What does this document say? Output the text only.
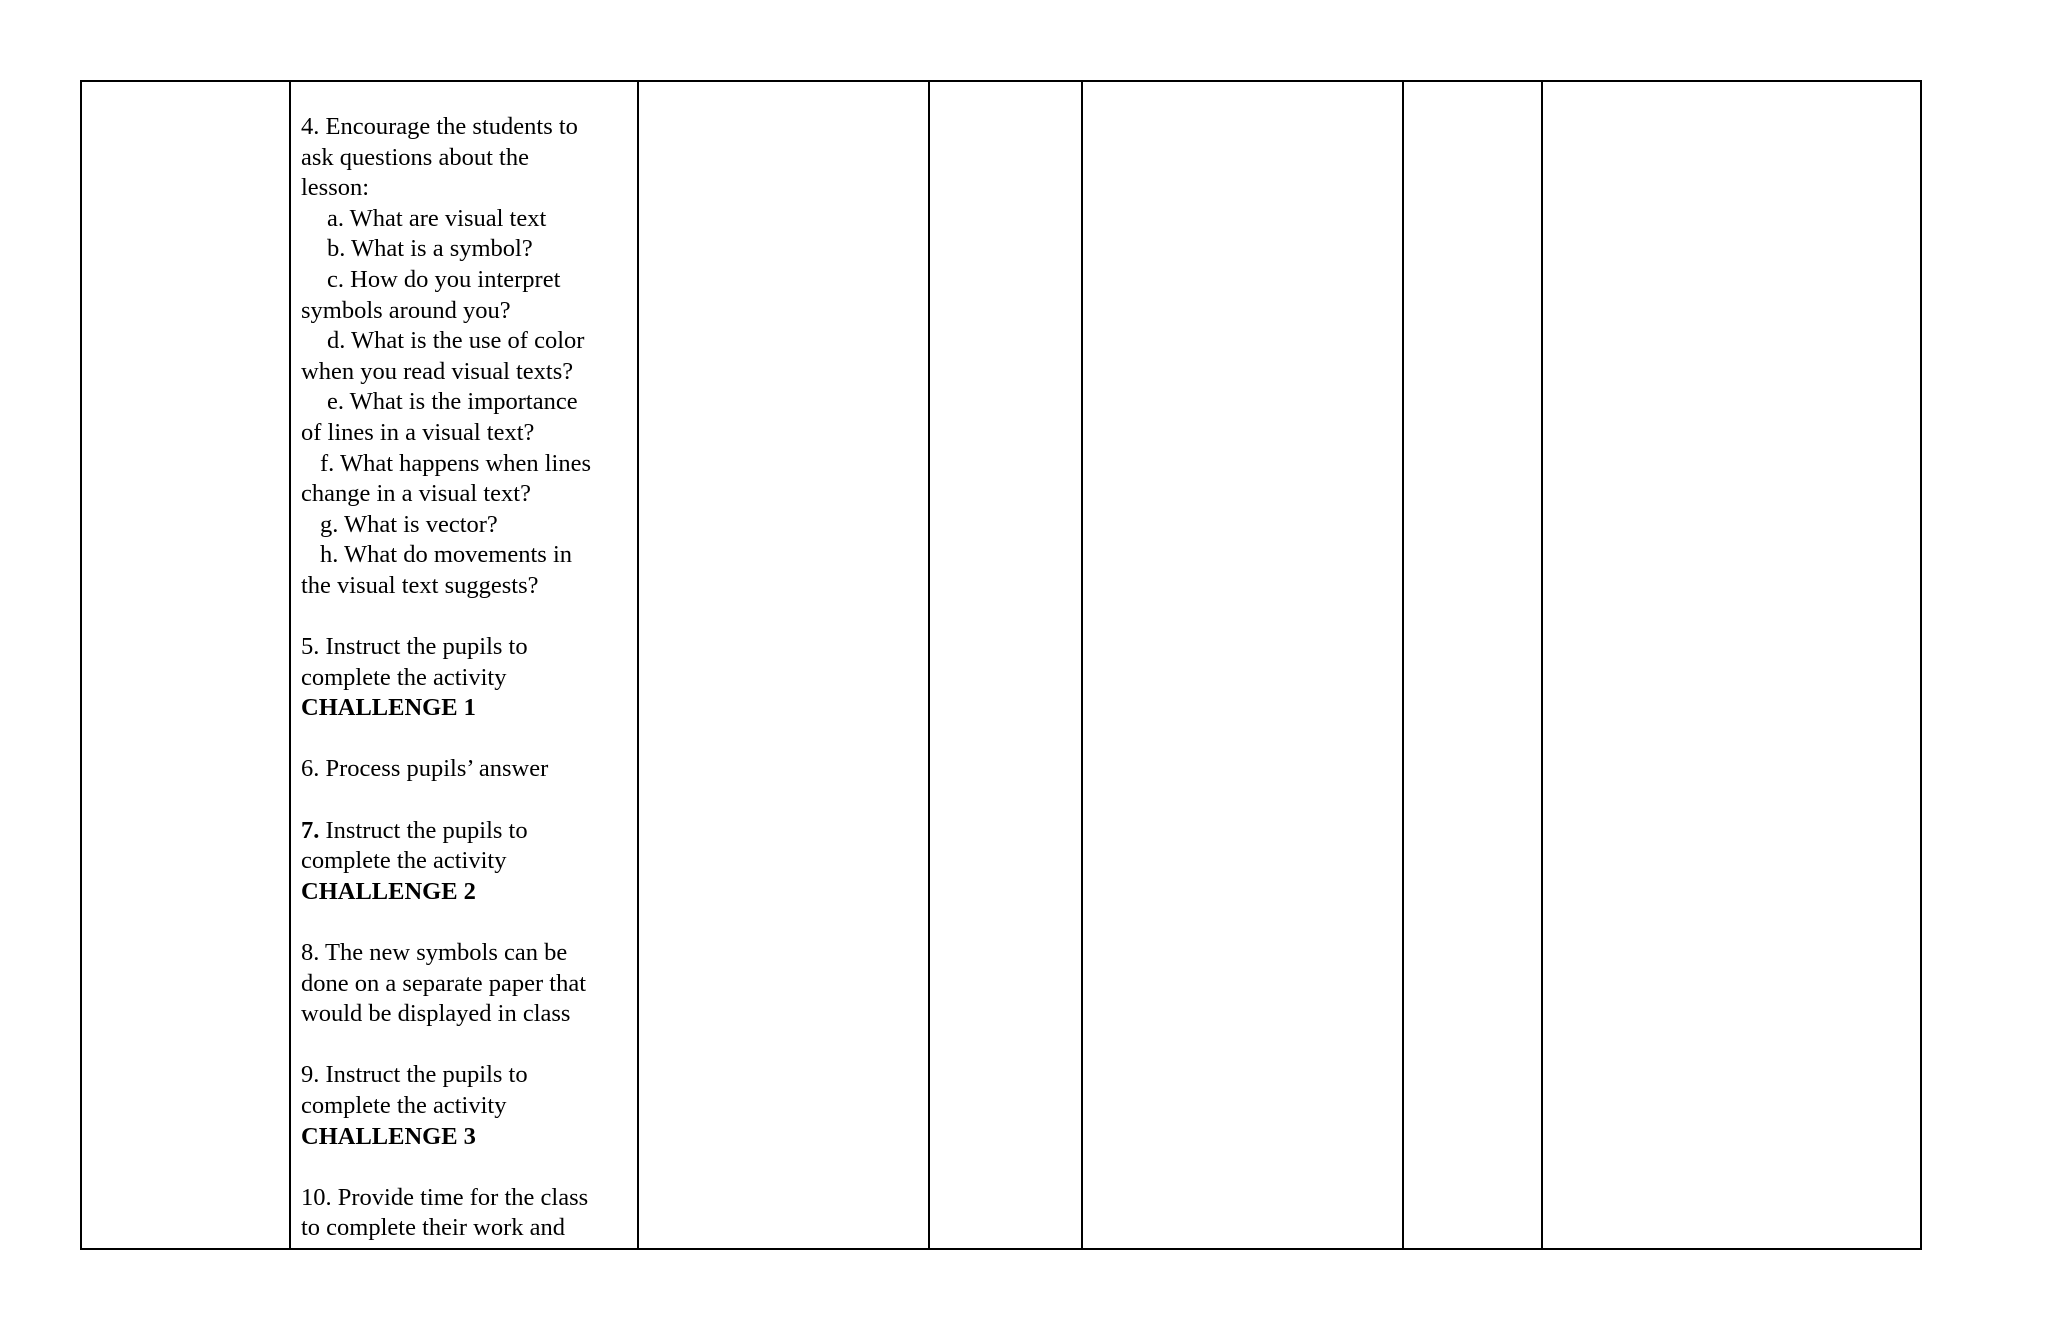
4. Encourage the students to
ask questions about the
lesson:
a. What are visual text
b. What is a symbol?
c. How do you interpret
symbols around you?
d. What is the use of color
when you read visual texts?
e. What is the importance
of lines in a visual text?
f. What happens when lines
change in a visual text?
g. What is vector?
h. What do movements in
the visual text suggests?
5. Instruct the pupils to
complete the activity
CHALLENGE 1
6. Process pupils’ answer
7. Instruct the pupils to
complete the activity
CHALLENGE 2
8. The new symbols can be
done on a separate paper that
would be displayed in class
9. Instruct the pupils to
complete the activity
CHALLENGE 3
10. Provide time for the class
to complete their work and
